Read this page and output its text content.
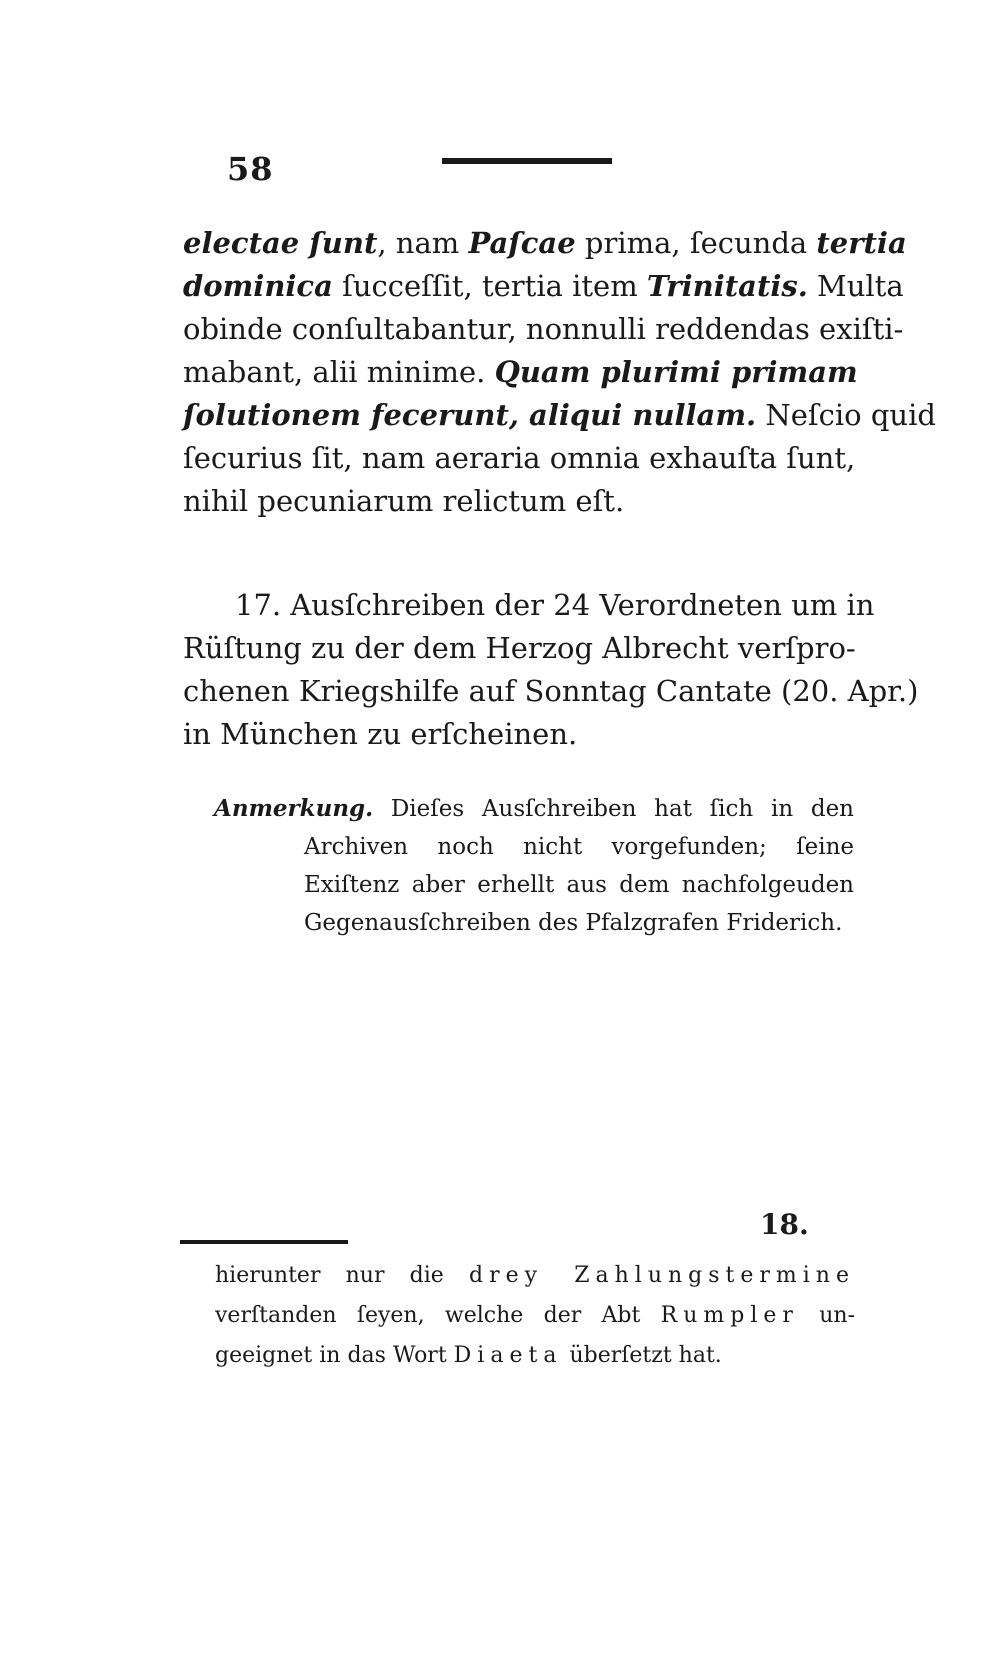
58
electae ſunt, nam Paſcae prima, ſecunda tertia
dominica ſucceſſit, tertia item Trinitatis. Multa
obinde conſultabantur, nonnulli reddendas exiſti-
mabant, alii minime. Quam plurimi primam
ſolutionem fecerunt, aliqui nullam. Neſcio quid
ſecurius ſit, nam aeraria omnia exhauſta ſunt,
nihil pecuniarum relictum eſt.
17. Ausſchreiben der 24 Verordneten um in
Rüſtung zu der dem Herzog Albrecht verſpro-
chenen Kriegshilfe auf Sonntag Cantate (20. Apr.)
in München zu erſcheinen.
Anmerkung. Dieſes Ausſchreiben hat ſich in den
Archiven noch nicht vorgefunden; ſeine
Exiſtenz aber erhellt aus dem nachfolgeuden
Gegenausſchreiben des Pfalzgrafen Friderich.
18.
hierunter nur die drey Zahlungstermine
verſtanden ſeyen, welche der Abt Rumpler un-
geeignet in das Wort Diaeta überſetzt hat.
